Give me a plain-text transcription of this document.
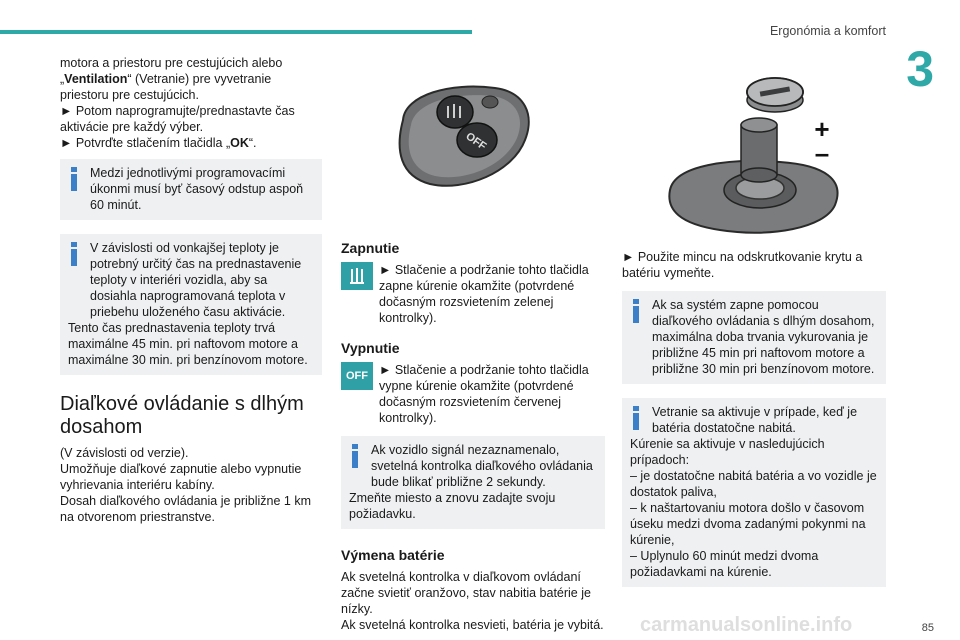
Ergonómia a komfort
3
motora a priestoru pre cestujúcich alebo „Ventilation“ (Vetranie) pre vyvetranie priestoru pre cestujúcich.
► Potom naprogramujte/prednastavte čas aktivácie pre každý výber.
► Potvrďte stlačením tlačidla „OK“.
Medzi jednotlivými programovacími úkonmi musí byť časový odstup aspoň 60 minút.
V závislosti od vonkajšej teploty je potrebný určitý čas na prednastavenie teploty v interiéri vozidla, aby sa dosiahla naprogramovaná teplota v priebehu uloženého času aktivácie.
Tento čas prednastavenia teploty trvá maximálne 45 min. pri naftovom motore a maximálne 30 min. pri benzínovom motore.
Diaľkové ovládanie s dlhým dosahom
(V závislosti od verzie).
Umožňuje diaľkové zapnutie alebo vypnutie vyhrievania interiéru kabíny.
Dosah diaľkového ovládania je približne 1 km na otvorenom priestranstve.
OFF
Zapnutie
► Stlačenie a podržanie tohto tlačidla zapne kúrenie okamžite (potvrdené dočasným rozsvietením zelenej kontrolky).
Vypnutie
OFF ► Stlačenie a podržanie tohto tlačidla vypne kúrenie okamžite (potvrdené dočasným rozsvietením červenej kontrolky).
Ak vozidlo signál nezaznamenalo, svetelná kontrolka diaľkového ovládania bude blikať približne 2 sekundy.
Zmeňte miesto a znovu zadajte svoju požiadavku.
Výmena batérie
Ak svetelná kontrolka v diaľkovom ovládaní začne svietiť oranžovo, stav nabitia batérie je nízky.
Ak svetelná kontrolka nesvieti, batéria je vybitá.
+
–
► Použite mincu na odskrutkovanie krytu a batériu vymeňte.
Ak sa systém zapne pomocou diaľkového ovládania s dlhým dosahom, maximálna doba trvania vykurovania je približne 45 min pri naftovom motore a približne 30 min pri benzínovom motore.
Vetranie sa aktivuje v prípade, keď je batéria dostatočne nabitá.
Kúrenie sa aktivuje v nasledujúcich prípadoch:
– je dostatočne nabitá batéria a vo vozidle je dostatok paliva,
– k naštartovaniu motora došlo v časovom úseku medzi dvoma zadanými pokynmi na kúrenie,
– Uplynulo 60 minút medzi dvoma požiadavkami na kúrenie.
85
carmanualsonline.info
